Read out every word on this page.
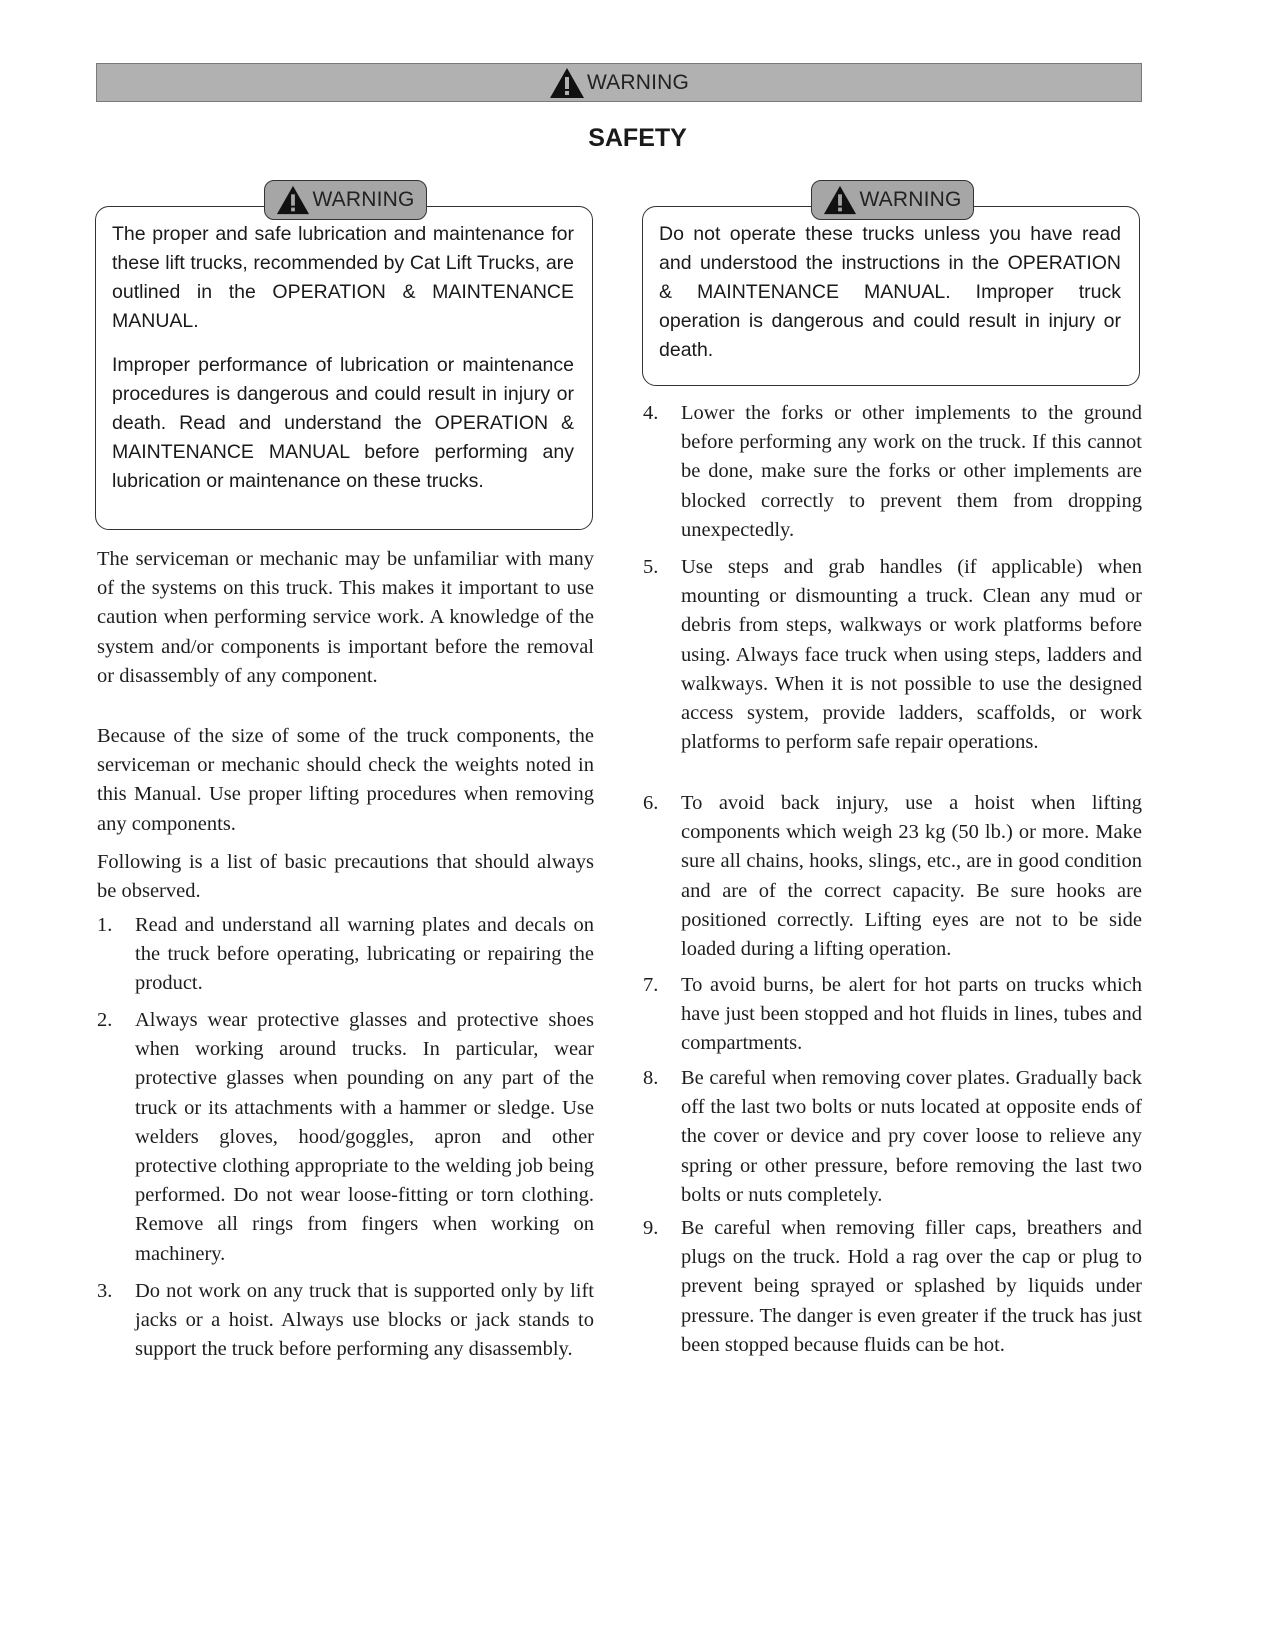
WARNING
SAFETY

The proper and safe lubrication and maintenance for these lift trucks, recommended by Cat Lift Trucks, are outlined in the OPERATION & MAINTENANCE MANUAL.

Improper performance of lubrication or maintenance procedures is dangerous and could result in injury or death. Read and understand the OPERATION & MAINTENANCE MANUAL before performing any lubrication or maintenance on these trucks.

WARNING

The serviceman or mechanic may be unfamiliar with many of the systems on this truck. This makes it important to use caution when performing service work. A knowledge of the system and/or components is important before the removal or disassembly of any component.

Because of the size of some of the truck components, the serviceman or mechanic should check the weights noted in this Manual. Use proper lifting procedures when removing any components.

Following is a list of basic precautions that should always be observed.

1. Read and understand all warning plates and decals on the truck before operating, lubricating or repairing the product.

2. Always wear protective glasses and protective shoes when working around trucks. In particular, wear protective glasses when pounding on any part of the truck or its attachments with a hammer or sledge. Use welders gloves, hood/goggles, apron and other protective clothing appropriate to the welding job being performed. Do not wear loose-fitting or torn clothing. Remove all rings from fingers when working on machinery.

3. Do not work on any truck that is supported only by lift jacks or a hoist. Always use blocks or jack stands to support the truck before performing any disassembly.

Do not operate these trucks unless you have read and understood the instructions in the OPERATION & MAINTENANCE MANUAL. Improper truck operation is dangerous and could result in injury or death.

WARNING
4. Lower the forks or other implements to the ground before performing any work on the truck. If this cannot be done, make sure the forks or other implements are blocked correctly to prevent them from dropping unexpectedly.

5. Use steps and grab handles (if applicable) when mounting or dismounting a truck. Clean any mud or debris from steps, walkways or work platforms before using. Always face truck when using steps, ladders and walkways. When it is not possible to use the designed access system, provide ladders, scaffolds, or work platforms to perform safe repair operations.

6. To avoid back injury, use a hoist when lifting components which weigh 23 kg (50 lb.) or more. Make sure all chains, hooks, slings, etc., are in good condition and are of the correct capacity. Be sure hooks are positioned correctly. Lifting eyes are not to be side loaded during a lifting operation.

7. To avoid burns, be alert for hot parts on trucks which have just been stopped and hot fluids in lines, tubes and compartments.

8. Be careful when removing cover plates. Gradually back off the last two bolts or nuts located at opposite ends of the cover or device and pry cover loose to relieve any spring or other pressure, before removing the last two bolts or nuts completely.

9. Be careful when removing filler caps, breathers and plugs on the truck. Hold a rag over the cap or plug to prevent being sprayed or splashed by liquids under pressure. The danger is even greater if the truck has just been stopped because fluids can be hot.
